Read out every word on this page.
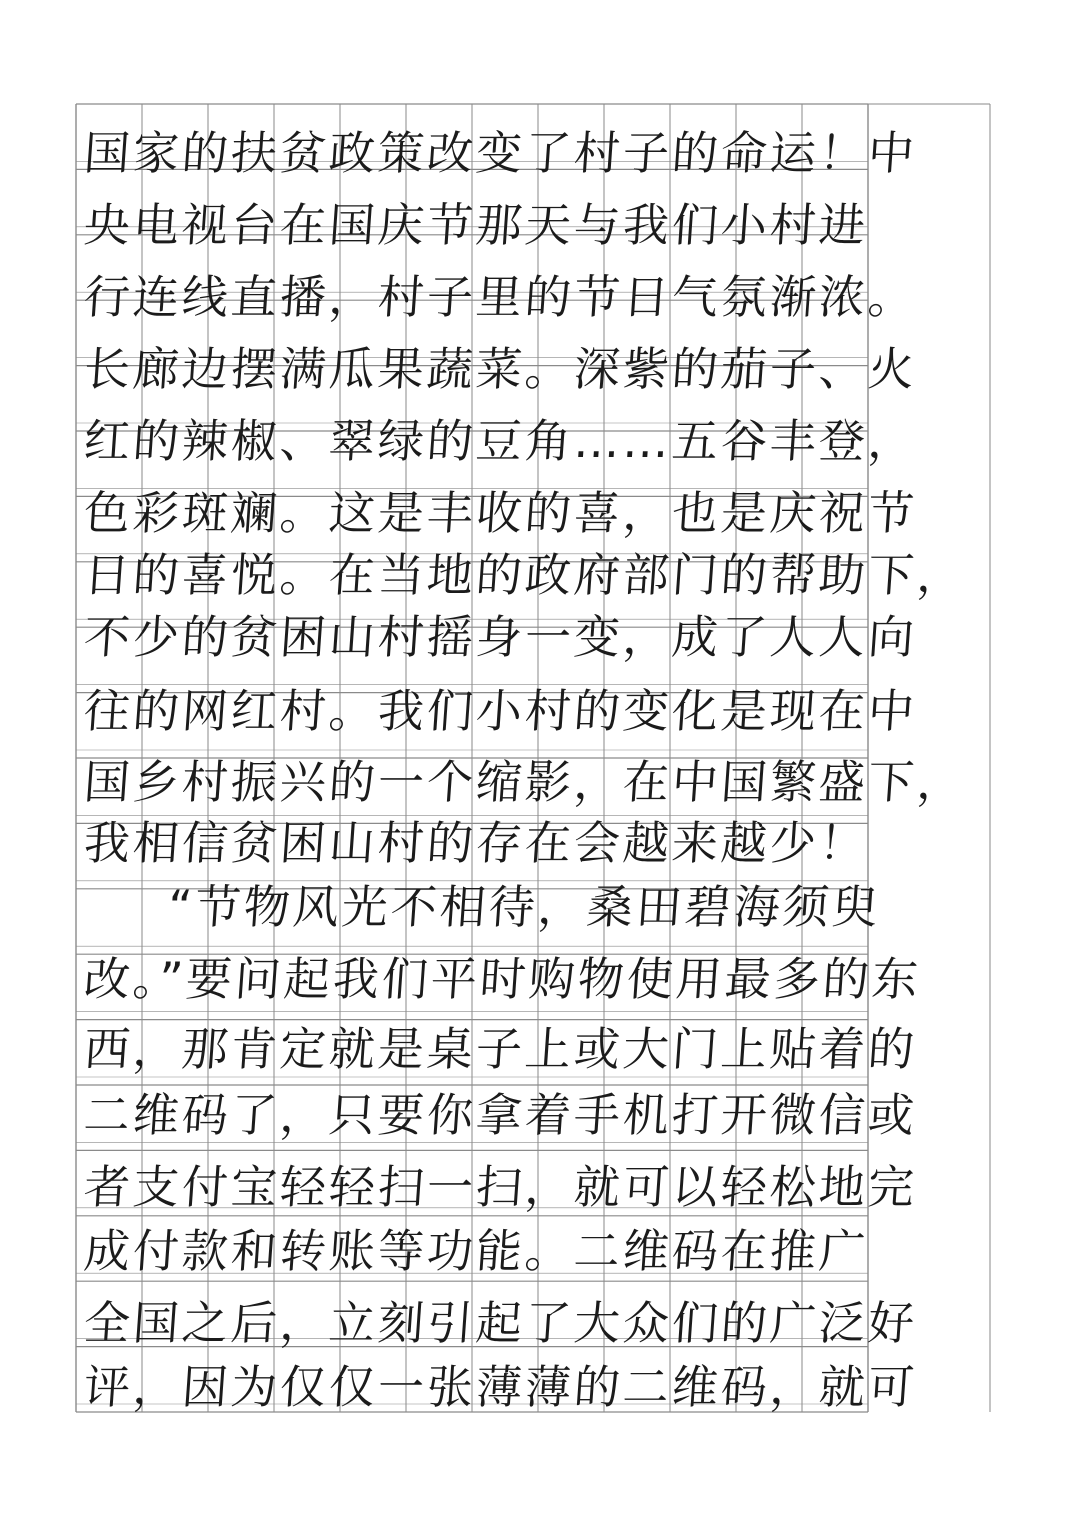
国家的扶贫政策改变了村子的命运！中
央电视台在国庆节那天与我们小村进
行连线直播，村子里的节日气氛渐浓。
长廊边摆满瓜果蔬菜。深紫的茄子、火
红的辣椒、翠绿的豆角……五谷丰登，
色彩斑斓。这是丰收的喜，也是庆祝节
日的喜悦。在当地的政府部门的帮助下，
不少的贫困山村摇身一变，成了人人向
往的网红村。我们小村的变化是现在中
国乡村振兴的一个缩影，在中国繁盛下，
我相信贫困山村的存在会越来越少！
“节物风光不相待，桑田碧海须臾
改。”要问起我们平时购物使用最多的东
西，那肯定就是桌子上或大门上贴着的
二维码了，只要你拿着手机打开微信或
者支付宝轻轻扫一扫，就可以轻松地完
成付款和转账等功能。二维码在推广
全国之后，立刻引起了大众们的广泛好
评，因为仅仅一张薄薄的二维码，就可
